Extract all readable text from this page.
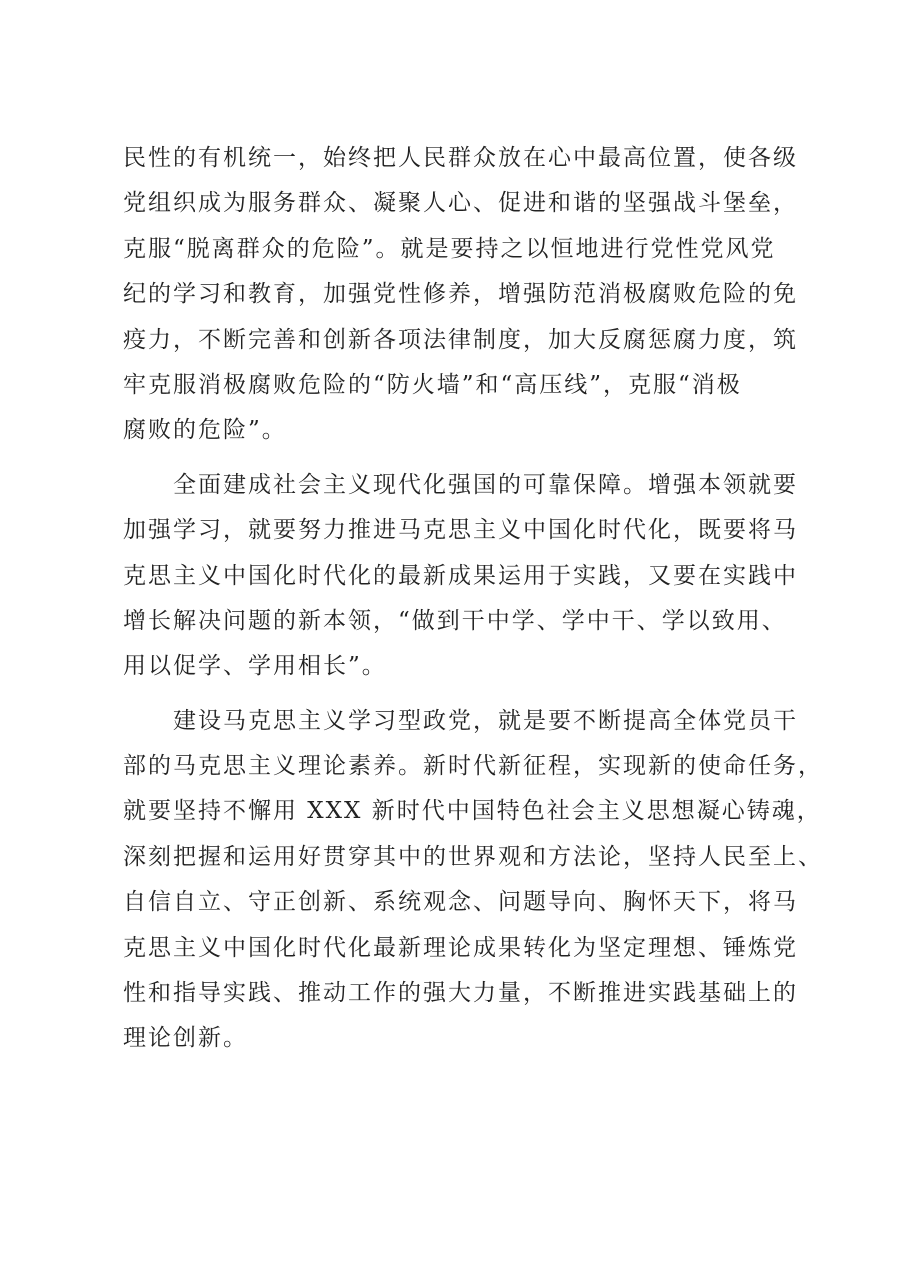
民性的有机统一，始终把人民群众放在心中最高位置，使各级
党组织成为服务群众、凝聚人心、促进和谐的坚强战斗堡垒，
克服“脱离群众的危险”。就是要持之以恒地进行党性党风党
纪的学习和教育，加强党性修养，增强防范消极腐败危险的免
疫力，不断完善和创新各项法律制度，加大反腐惩腐力度，筑
牢克服消极腐败危险的“防火墙”和“高压线”，克服“消极
腐败的危险”。
全面建成社会主义现代化强国的可靠保障。增强本领就要
加强学习，就要努力推进马克思主义中国化时代化，既要将马
克思主义中国化时代化的最新成果运用于实践，又要在实践中
增长解决问题的新本领，“做到干中学、学中干、学以致用、
用以促学、学用相长”。
建设马克思主义学习型政党，就是要不断提高全体党员干
部的马克思主义理论素养。新时代新征程，实现新的使命任务，
就要坚持不懈用 XXX 新时代中国特色社会主义思想凝心铸魂，
深刻把握和运用好贯穿其中的世界观和方法论，坚持人民至上、
自信自立、守正创新、系统观念、问题导向、胸怀天下，将马
克思主义中国化时代化最新理论成果转化为坚定理想、锤炼党
性和指导实践、推动工作的强大力量，不断推进实践基础上的
理论创新。
